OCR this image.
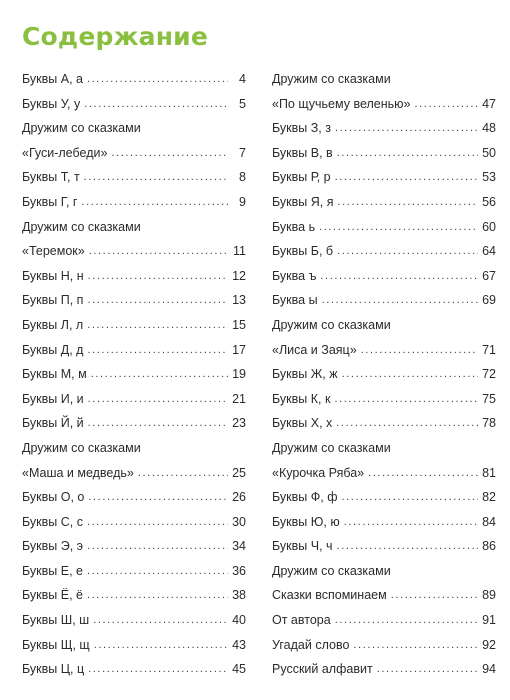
Содержание
Буквы А, а .....	4
Буквы У, у .....	5
Дружим со сказками
«Гуси-лебеди» .....	7
Буквы Т, т .....	8
Буквы Г, г .....	9
Дружим со сказками
«Теремок» .....	11
Буквы Н, н .....	12
Буквы П, п .....	13
Буквы Л, л .....	15
Буквы Д, д .....	17
Буквы М, м .....	19
Буквы И, и .....	21
Буквы Й, й .....	23
Дружим со сказками
«Маша и медведь» .....	25
Буквы О, о .....	26
Буквы С, с .....	30
Буквы Э, э .....	34
Буквы Е, е .....	36
Буквы Ё, ё .....	38
Буквы Ш, ш .....	40
Буквы Щ, щ .....	43
Буквы Ц, ц .....	45
Дружим со сказками
«По щучьему веленью» .....	47
Буквы З, з .....	48
Буквы В, в .....	50
Буквы Р, р .....	53
Буквы Я, я .....	56
Буква ь .....	60
Буквы Б, б .....	64
Буква ъ .....	67
Буква ы .....	69
Дружим со сказками
«Лиса и Заяц» .....	71
Буквы Ж, ж .....	72
Буквы К, к .....	75
Буквы Х, х .....	78
Дружим со сказками
«Курочка Ряба» .....	81
Буквы Ф, ф .....	82
Буквы Ю, ю .....	84
Буквы Ч, ч .....	86
Дружим со сказками
Сказки вспоминаем .....	89
От автора .....	91
Угадай слово .....	92
Русский алфавит .....	94
